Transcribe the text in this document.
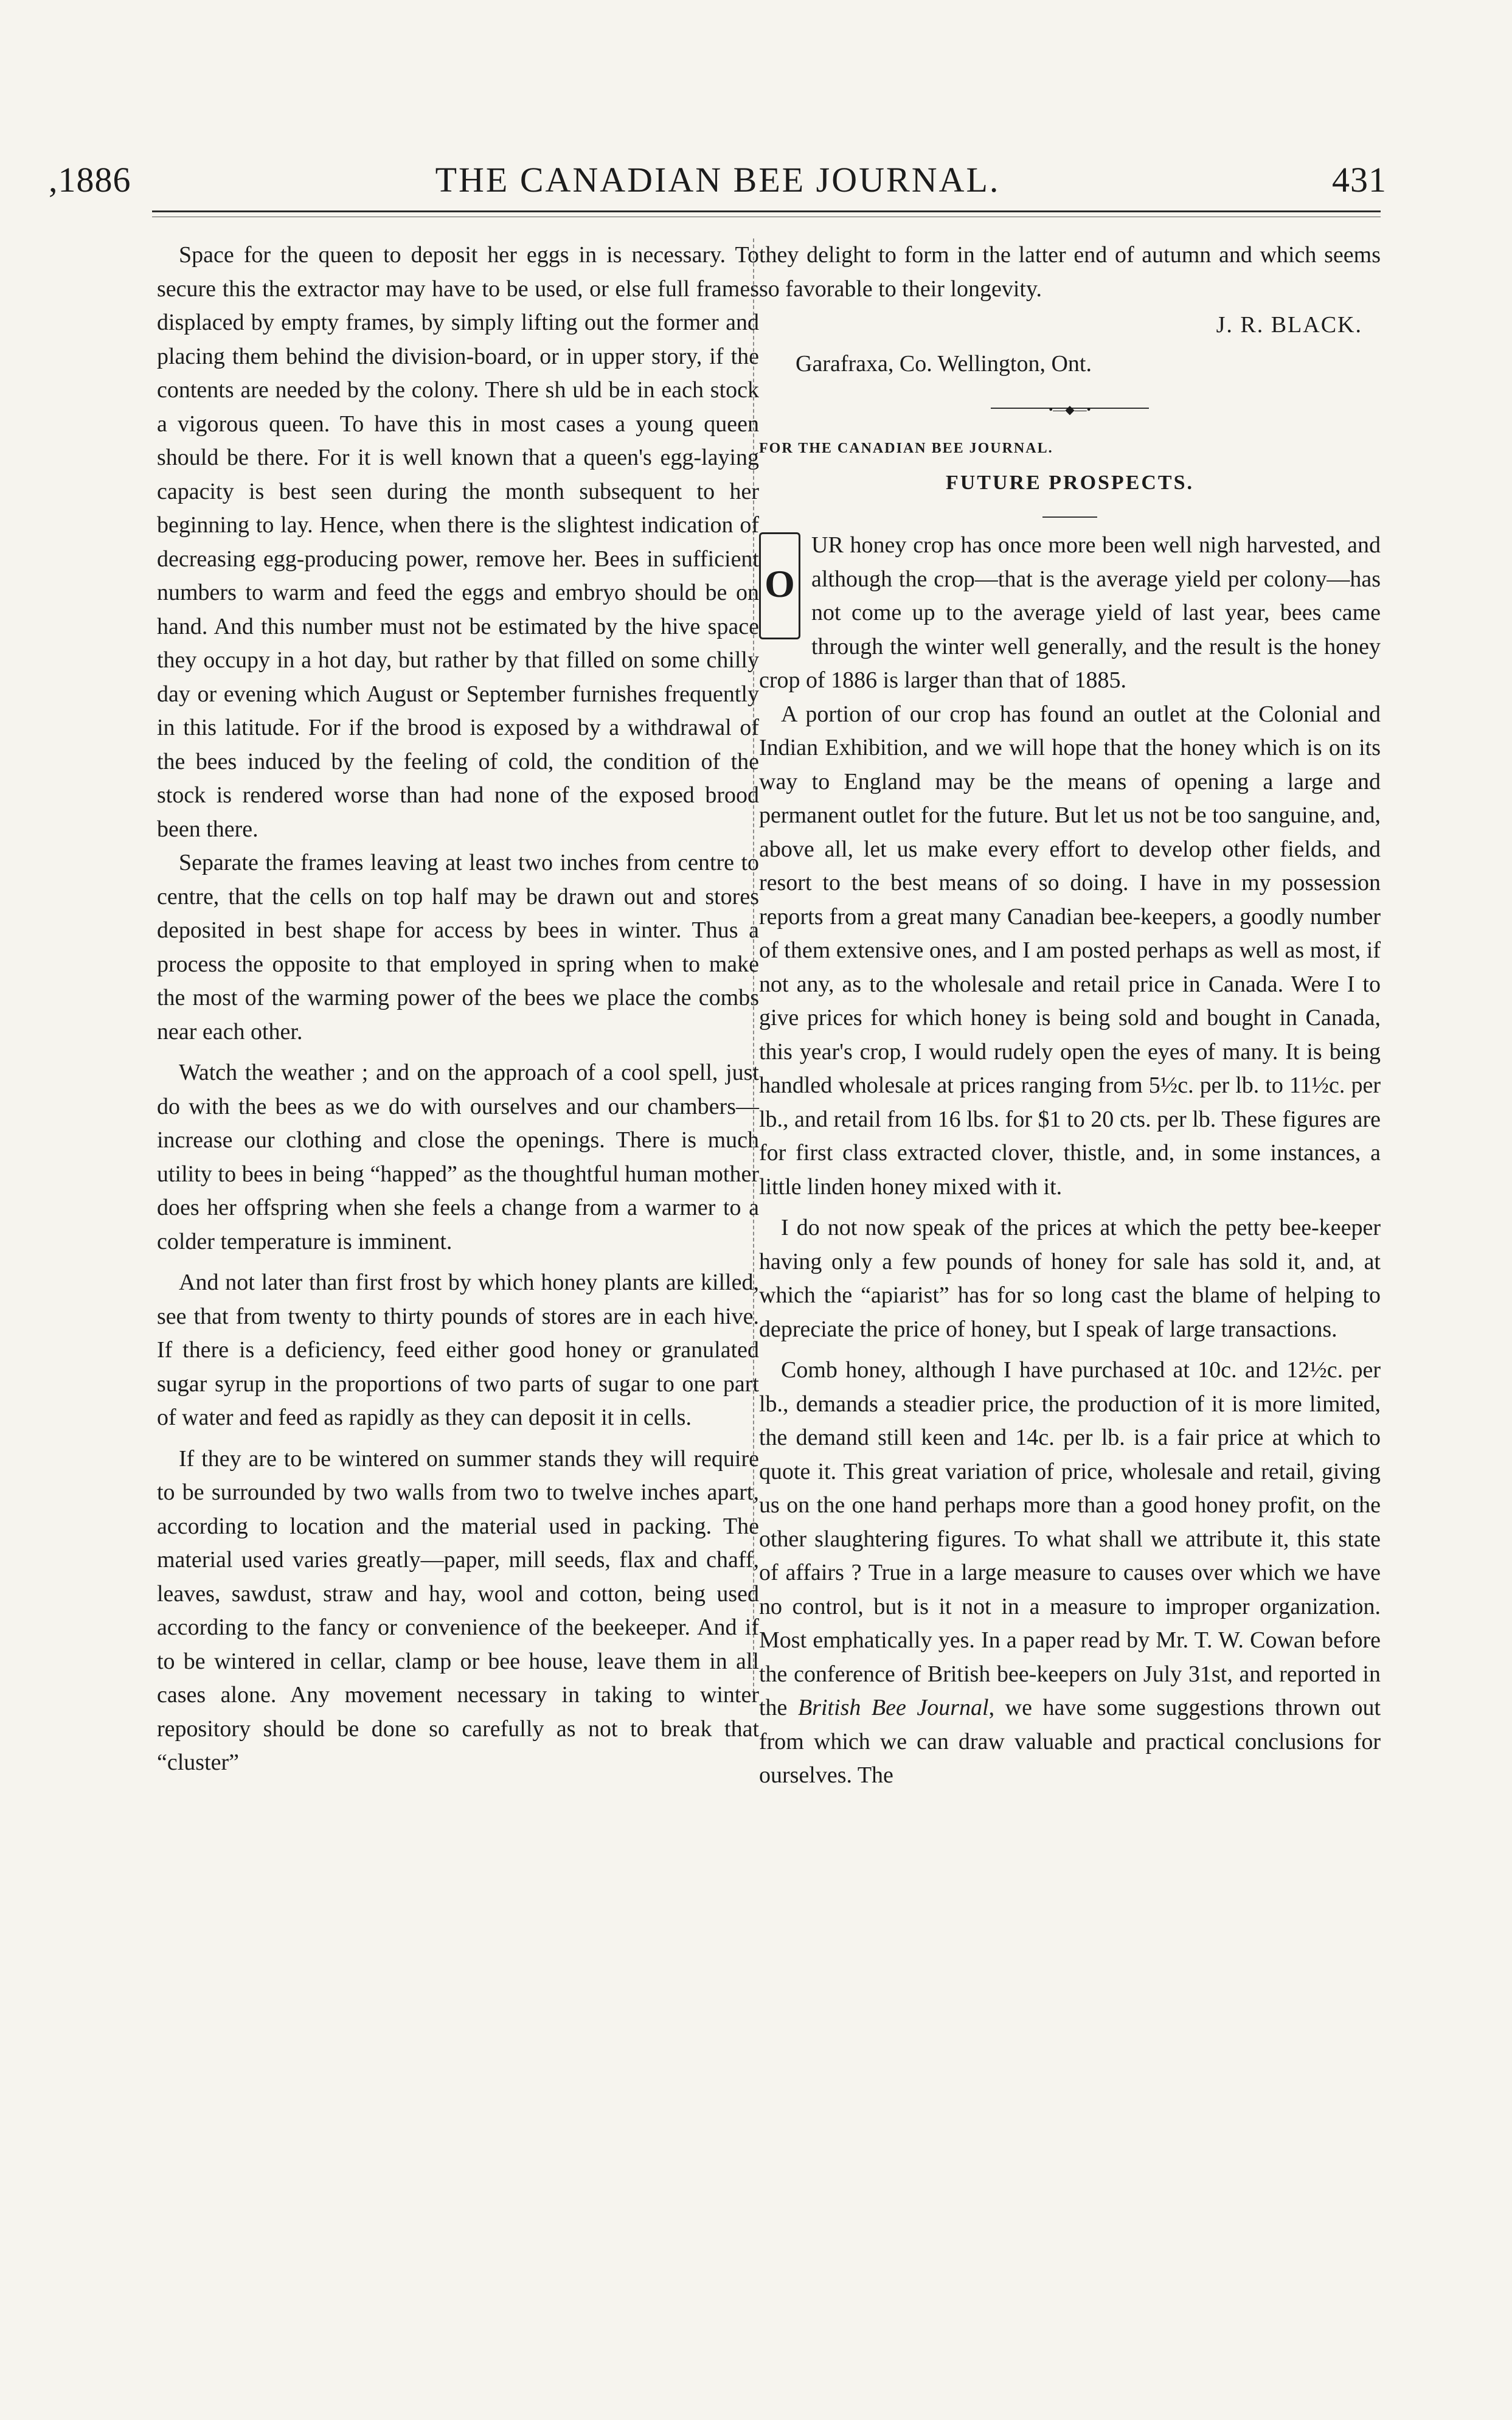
,1886	THE CANADIAN BEE JOURNAL.	431

Space for the queen to deposit her eggs in is necessary. To secure this the extractor may have to be used, or else full frames displaced by empty frames, by simply lifting out the former and placing them behind the division-board, or in upper story, if the contents are needed by the colony. There sh uld be in each stock a vigorous queen. To have this in most cases a young queen should be there. For it is well known that a queen's egg-laying capacity is best seen during the month subsequent to her beginning to lay. Hence, when there is the slightest indication of decreasing egg-producing power, remove her. Bees in sufficient numbers to warm and feed the eggs and embryo should be on hand. And this number must not be estimated by the hive space they occupy in a hot day, but rather by that filled on some chilly day or evening which August or September furnishes frequently in this latitude. For if the brood is exposed by a withdrawal of the bees induced by the feeling of cold, the condition of the stock is rendered worse than had none of the exposed brood been there.

Separate the frames leaving at least two inches from centre to centre, that the cells on top half may be drawn out and stores deposited in best shape for access by bees in winter. Thus a process the opposite to that employed in spring when to make the most of the warming power of the bees we place the combs near each other.

Watch the weather ; and on the approach of a cool spell, just do with the bees as we do with ourselves and our chambers—increase our clothing and close the openings. There is much utility to bees in being “happed” as the thoughtful human mother does her offspring when she feels a change from a warmer to a colder temperature is imminent.

And not later than first frost by which honey plants are killed, see that from twenty to thirty pounds of stores are in each hive. If there is a deficiency, feed either good honey or granulated sugar syrup in the proportions of two parts of sugar to one part of water and feed as rapidly as they can deposit it in cells.

If they are to be wintered on summer stands they will require to be surrounded by two walls from two to twelve inches apart, according to location and the material used in packing. The material used varies greatly—paper, mill seeds, flax and chaff, leaves, sawdust, straw and hay, wool and cotton, being used according to the fancy or convenience of the beekeeper. And if to be wintered in cellar, clamp or bee house, leave them in all cases alone. Any movement necessary in taking to winter repository should be done so carefully as not to break that “cluster”

they delight to form in the latter end of autumn and which seems so favorable to their longevity.

J. R. BLACK.
Garafraxa, Co. Wellington, Ont.
•—◆—•
FOR THE CANADIAN BEE JOURNAL.
FUTURE PROSPECTS.
O

UR honey crop has once more been well nigh harvested, and although the crop—that is the average yield per colony—has not come up to the average yield of last year, bees came through the winter well generally, and the result is the honey crop of 1886 is larger than that of 1885.

A portion of our crop has found an outlet at the Colonial and Indian Exhibition, and we will hope that the honey which is on its way to England may be the means of opening a large and permanent outlet for the future. But let us not be too sanguine, and, above all, let us make every effort to develop other fields, and resort to the best means of so doing. I have in my possession reports from a great many Canadian bee-keepers, a goodly number of them extensive ones, and I am posted perhaps as well as most, if not any, as to the wholesale and retail price in Canada. Were I to give prices for which honey is being sold and bought in Canada, this year's crop, I would rudely open the eyes of many. It is being handled wholesale at prices ranging from 5½c. per lb. to 11½c. per lb., and retail from 16 lbs. for $1 to 20 cts. per lb. These figures are for first class extracted clover, thistle, and, in some instances, a little linden honey mixed with it.

I do not now speak of the prices at which the petty bee-keeper having only a few pounds of honey for sale has sold it, and, at which the “apiarist” has for so long cast the blame of helping to depreciate the price of honey, but I speak of large transactions.

Comb honey, although I have purchased at 10c. and 12½c. per lb., demands a steadier price, the production of it is more limited, the demand still keen and 14c. per lb. is a fair price at which to quote it. This great variation of price, wholesale and retail, giving us on the one hand perhaps more than a good honey profit, on the other slaughtering figures. To what shall we attribute it, this state of affairs ? True in a large measure to causes over which we have no control, but is it not in a measure to improper organization. Most emphatically yes. In a paper read by Mr. T. W. Cowan before the conference of British bee-keepers on July 31st, and reported in the British Bee Journal, we have some suggestions thrown out from which we can draw valuable and practical conclusions for ourselves. The
